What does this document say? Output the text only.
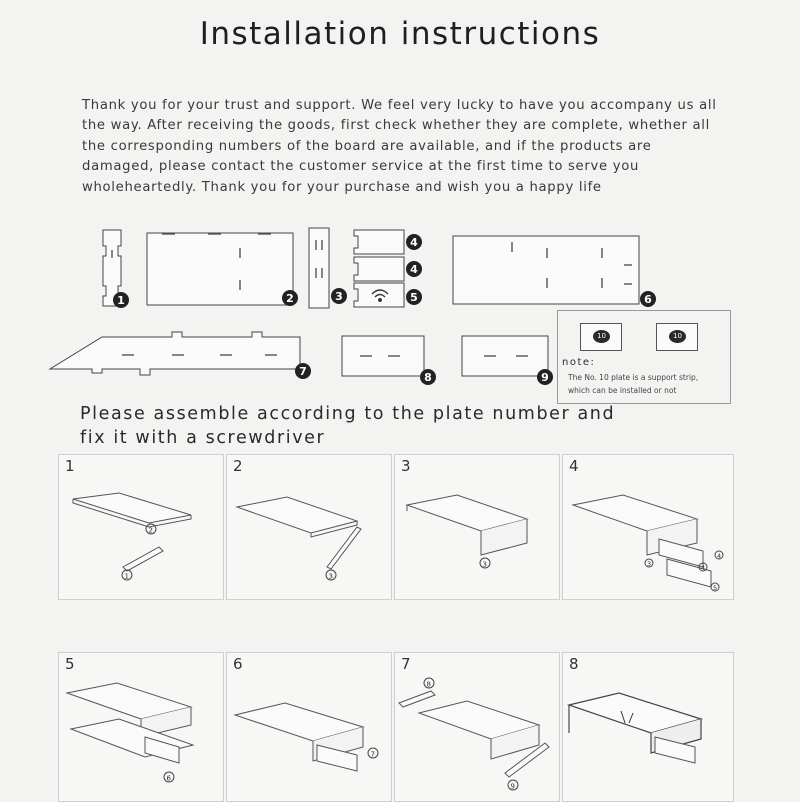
Installation instructions

Thank you for your trust and support. We feel very lucky to have you accompany us all

the way. After receiving the goods, first check whether they are complete, whether all

the corresponding numbers of the board are available, and if the products are

damaged, please contact the customer service at the first time to serve you

wholeheartedly. Thank you for your purchase and wish you a happy life

1	2	3
4
4
5	6
7	8	9
10	10
note:

The No. 10 plate is a support strip,

which can be installed or not

Please assemble according to the plate number and

fix it with a screwdriver

1
2
1
2
3
3
3
4
4
3	4
5
5
6
6
7
7
8
9
8
